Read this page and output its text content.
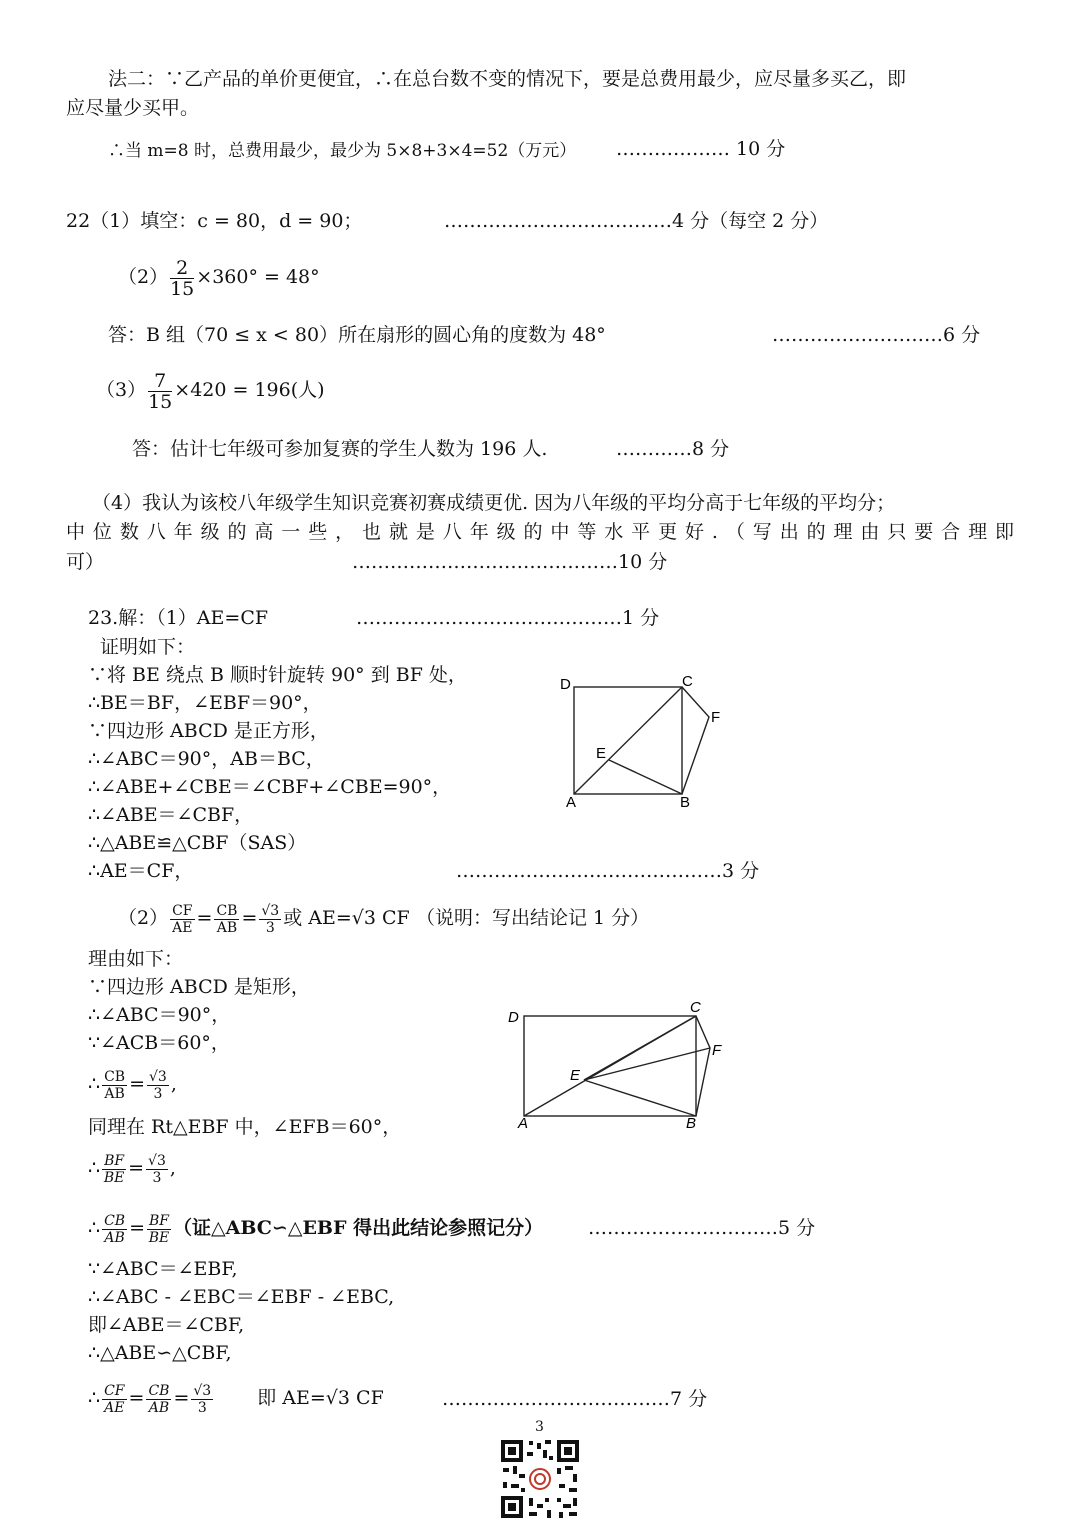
法二：∵乙产品的单价更便宜，∴在总台数不变的情况下，要是总费用最少，应尽量多买乙，即
应尽量少买甲。
∴当 m=8 时，总费用最少，最少为 5×8+3×4=52（万元） ……………… 10 分
22（1）填空：c = 80，d = 90；	………………………………4 分（每空 2 分）
$(2) \frac{2}{15} \times 360^\circ = 48^\circ$
答：B 组（70 ≤ x < 80）所在扇形的圆心角的度数为 48°	………………………6 分
$(3) \frac{7}{15} \times 420 = 196$(人)
答：估计七年级可参加复赛的学生人数为 196 人.	…………8 分
（4）我认为该校八年级学生知识竞赛初赛成绩更优. 因为八年级的平均分高于七年级的平均分；
中位数八年级的高一些，也就是八年级的中等水平更好.（写出的理由只要合理即
可）	……………………………………10 分
23.解：（1）AE=CF	……………………………………1 分
证明如下：
∵将 BE 绕点 B 顺时针旋转 90° 到 BF 处，
∴BE＝BF，∠EBF＝90°，
∵四边形 ABCD 是正方形，
∴∠ABC＝90°，AB＝BC，
∴∠ABE+∠CBE＝∠CBF+∠CBE=90°，
∴∠ABE＝∠CBF，
∴△ABE≌△CBF（SAS）
∴AE＝CF，	……………………………………3 分
D	C
F
E
A	B
$(2) \frac{CF}{AE} = \frac{CB}{AB} = \frac{√3}{3}$ 或 AE=√3 CF （说明：写出结论记 1 分）
理由如下：
∵四边形 ABCD 是矩形，
∴∠ABC＝90°，
∵∠ACB＝60°，
∴ $\frac{CB}{AB} = \frac{√3}{3}$ ,
同理在 Rt△EBF 中，∠EFB＝60°，
∴ $\frac{BF}{BE} = \frac{√3}{3}$ ,
∴ $\frac{CB}{AB} = \frac{BF}{BE}$ （证△ABC∽△EBF 得出此结论参照记分） …………………………5 分
∵∠ABC＝∠EBF,
∴∠ABC - ∠EBC＝∠EBF - ∠EBC,
即∠ABE＝∠CBF,
∴△ABE∽△CBF,
∴ $\frac{CF}{AE} = \frac{CB}{AB} = \frac{√3}{3}$ 即 AE=√3 CF	………………………………7 分
D
C
F
E
A	B
3
